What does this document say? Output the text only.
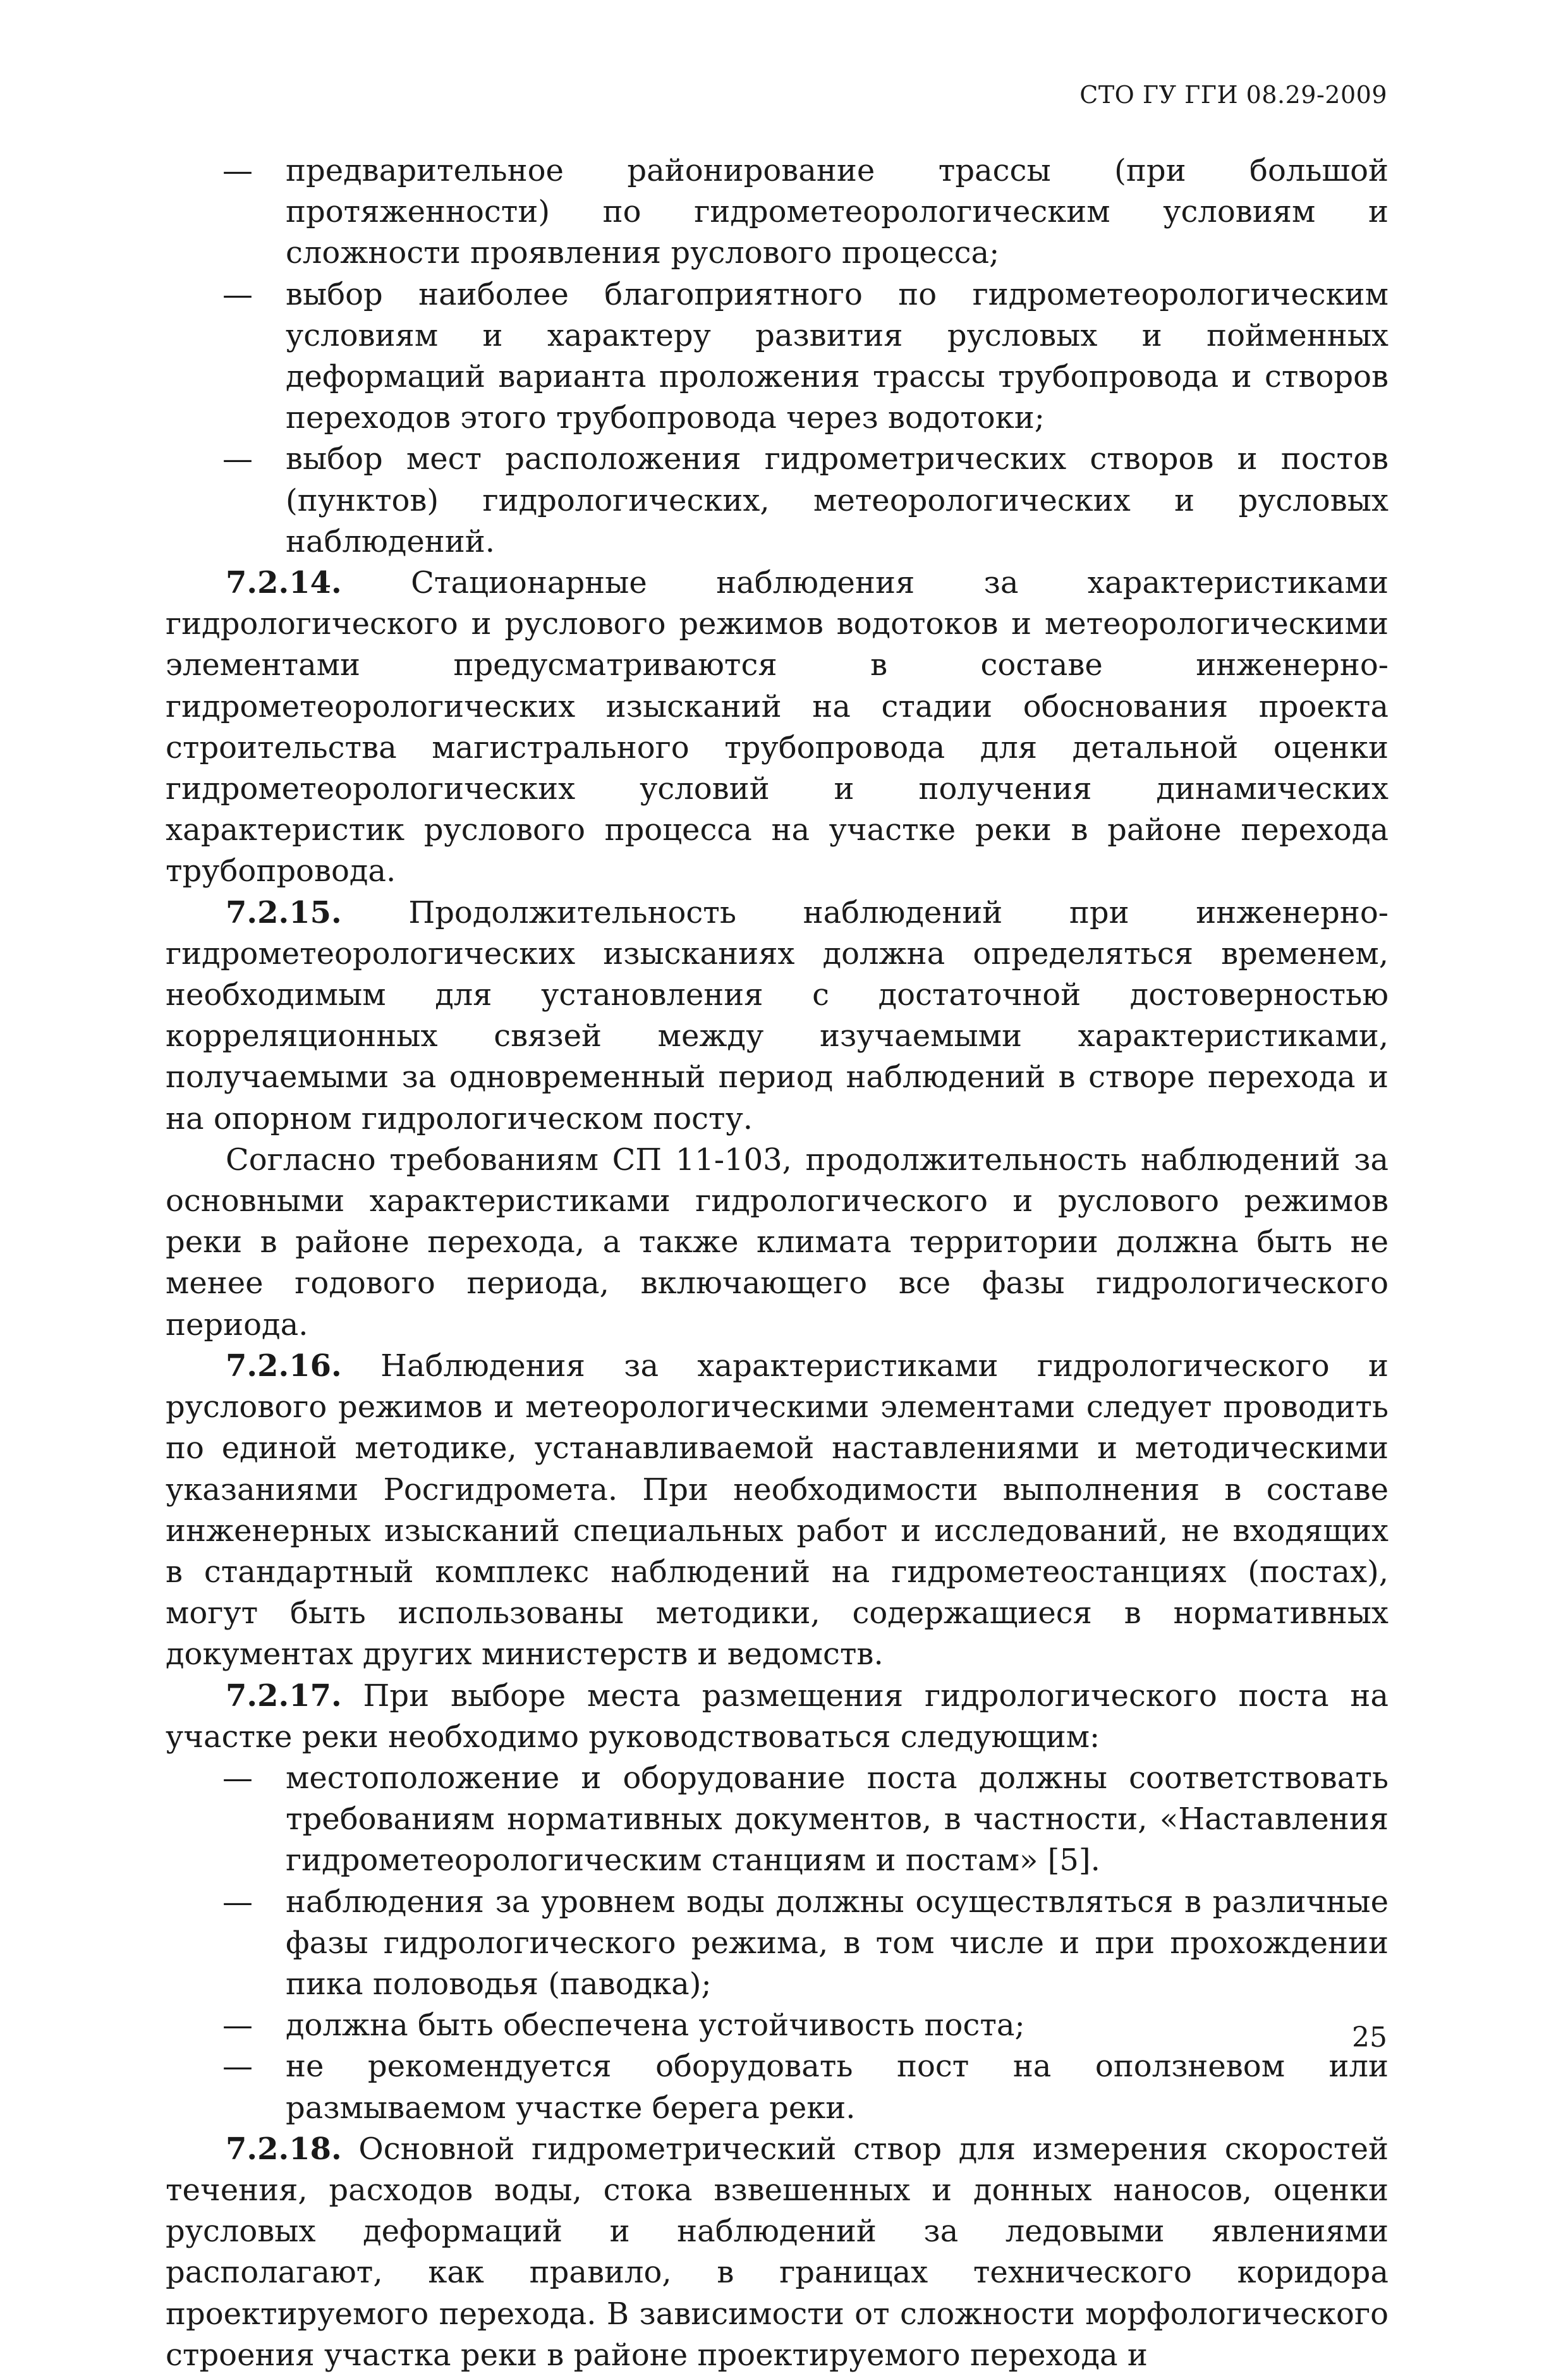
СТО ГУ ГГИ 08.29-2009

— предварительное районирование трассы (при большой протяженности) по гидрометеорологическим условиям и сложности проявления руслового процесса;

— выбор наиболее благоприятного по гидрометеорологическим условиям и характеру развития русловых и пойменных деформаций варианта проложения трассы трубопровода и створов переходов этого трубопровода через водотоки;

— выбор мест расположения гидрометрических створов и постов (пунктов) гидрологических, метеорологических и русловых наблюдений.

7.2.14. Стационарные наблюдения за характеристиками гидрологического и руслового режимов водотоков и метеорологическими элементами предусматриваются в составе инженерно-гидрометеорологических изысканий на стадии обоснования проекта строительства магистрального трубопровода для детальной оценки гидрометеорологических условий и получения динамических характеристик руслового процесса на участке реки в районе перехода трубопровода.

7.2.15. Продолжительность наблюдений при инженерно-гидрометеорологических изысканиях должна определяться временем, необходимым для установления с достаточной достоверностью корреляционных связей между изучаемыми характеристиками, получаемыми за одновременный период наблюдений в створе перехода и на опорном гидрологическом посту.

Согласно требованиям СП 11-103, продолжительность наблюдений за основными характеристиками гидрологического и руслового режимов реки в районе перехода, а также климата территории должна быть не менее годового периода, включающего все фазы гидрологического периода.

7.2.16. Наблюдения за характеристиками гидрологического и руслового режимов и метеорологическими элементами следует проводить по единой методике, устанавливаемой наставлениями и методическими указаниями Росгидромета. При необходимости выполнения в составе инженерных изысканий специальных работ и исследований, не входящих в стандартный комплекс наблюдений на гидрометеостанциях (постах), могут быть использованы методики, содержащиеся в нормативных документах других министерств и ведомств.

7.2.17. При выборе места размещения гидрологического поста на участке реки необходимо руководствоваться следующим:

— местоположение и оборудование поста должны соответствовать требованиям нормативных документов, в частности, «Наставления гидрометеорологическим станциям и постам» [5].

— наблюдения за уровнем воды должны осуществляться в различные фазы гидрологического режима, в том числе и при прохождении пика половодья (паводка);

— должна быть обеспечена устойчивость поста;

— не рекомендуется оборудовать пост на оползневом или размываемом участке берега реки.

7.2.18. Основной гидрометрический створ для измерения скоростей течения, расходов воды, стока взвешенных и донных наносов, оценки русловых деформаций и наблюдений за ледовыми явлениями располагают, как правило, в границах технического коридора проектируемого перехода. В зависимости от сложности морфологического строения участка реки в районе проектируемого перехода и

25
